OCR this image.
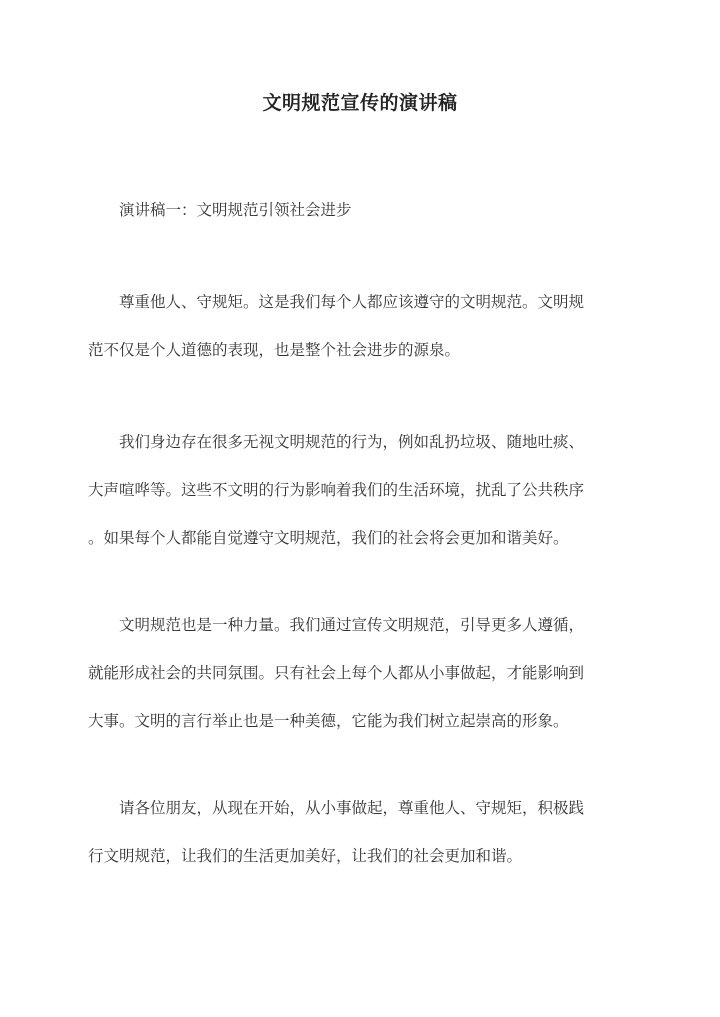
文明规范宣传的演讲稿
演讲稿一：文明规范引领社会进步
尊重他人、守规矩。这是我们每个人都应该遵守的文明规范。文明规
范不仅是个人道德的表现，也是整个社会进步的源泉。
我们身边存在很多无视文明规范的行为，例如乱扔垃圾、随地吐痰、
大声喧哗等。这些不文明的行为影响着我们的生活环境，扰乱了公共秩序
。如果每个人都能自觉遵守文明规范，我们的社会将会更加和谐美好。
文明规范也是一种力量。我们通过宣传文明规范，引导更多人遵循，
就能形成社会的共同氛围。只有社会上每个人都从小事做起，才能影响到
大事。文明的言行举止也是一种美德，它能为我们树立起崇高的形象。
请各位朋友，从现在开始，从小事做起，尊重他人、守规矩，积极践
行文明规范，让我们的生活更加美好，让我们的社会更加和谐。
